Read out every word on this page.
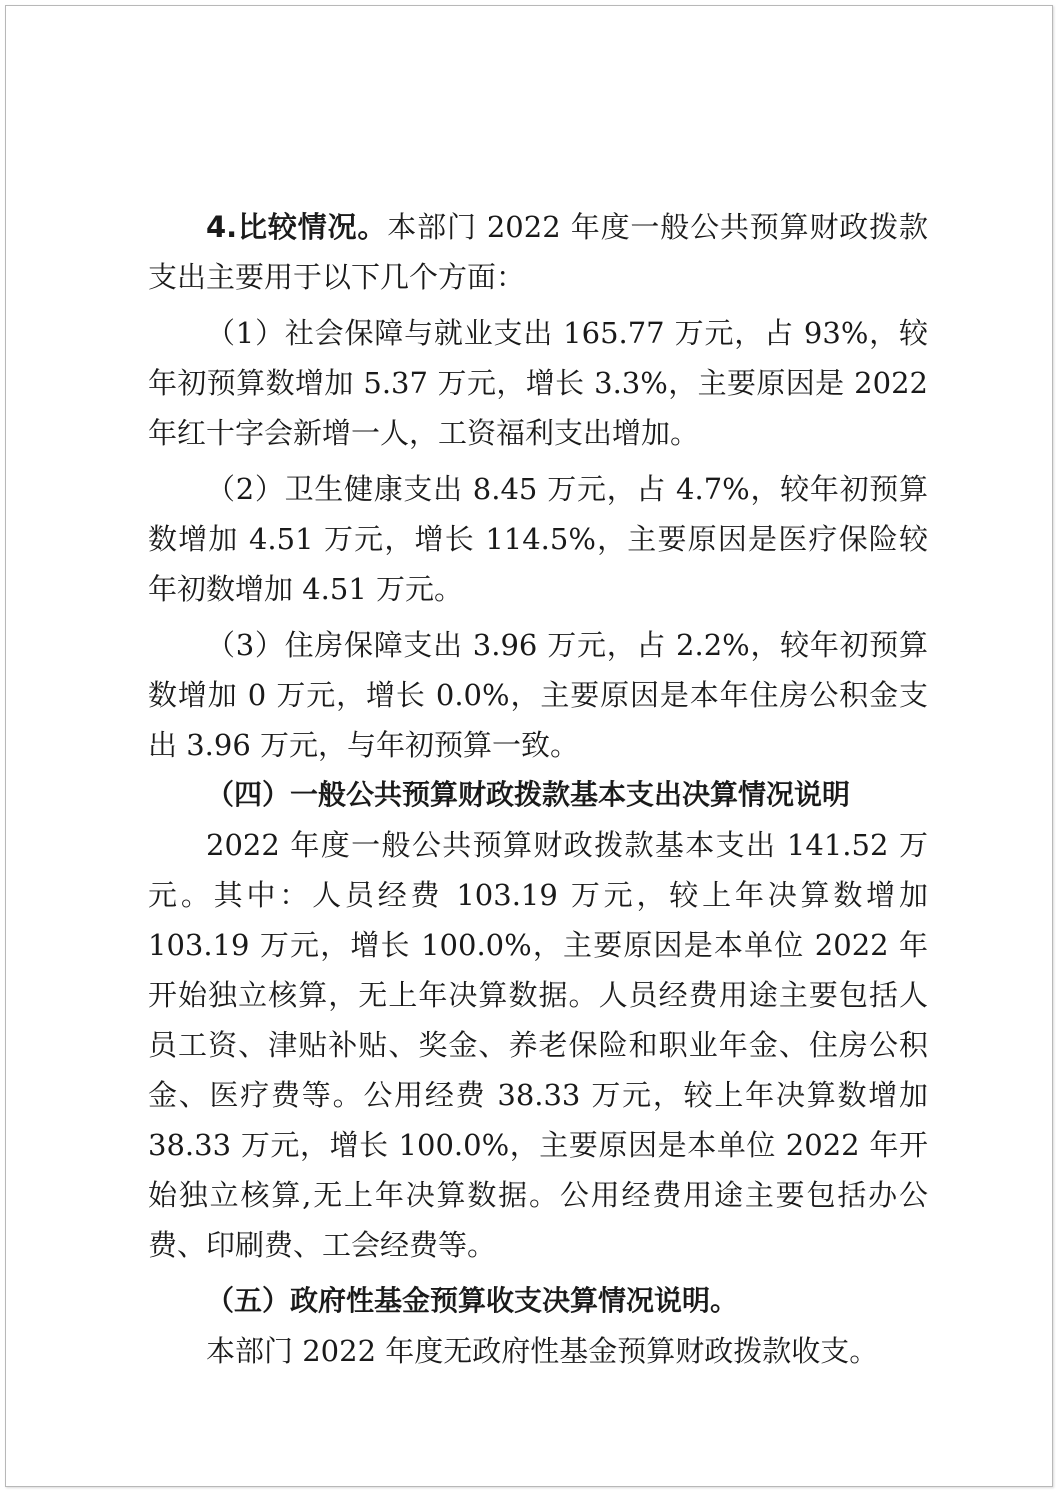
4.比较情况。本部门 2022 年度一般公共预算财政拨款支出主要用于以下几个方面：

（1）社会保障与就业支出 165.77 万元，占 93%，较年初预算数增加 5.37 万元，增长 3.3%，主要原因是 2022 年红十字会新增一人，工资福利支出增加。

（2）卫生健康支出 8.45 万元，占 4.7%，较年初预算数增加 4.51 万元，增长 114.5%，主要原因是医疗保险较年初数增加 4.51 万元。

（3）住房保障支出 3.96 万元，占 2.2%，较年初预算数增加 0 万元，增长 0.0%，主要原因是本年住房公积金支出 3.96 万元，与年初预算一致。

（四）一般公共预算财政拨款基本支出决算情况说明

2022 年度一般公共预算财政拨款基本支出 141.52 万元。其中：人员经费 103.19 万元，较上年决算数增加 103.19 万元，增长 100.0%，主要原因是本单位 2022 年开始独立核算，无上年决算数据。人员经费用途主要包括人员工资、津贴补贴、奖金、养老保险和职业年金、住房公积金、医疗费等。公用经费 38.33 万元，较上年决算数增加 38.33 万元，增长 100.0%，主要原因是本单位 2022 年开始独立核算,无上年决算数据。公用经费用途主要包括办公费、印刷费、工会经费等。

（五）政府性基金预算收支决算情况说明。

本部门 2022 年度无政府性基金预算财政拨款收支。
